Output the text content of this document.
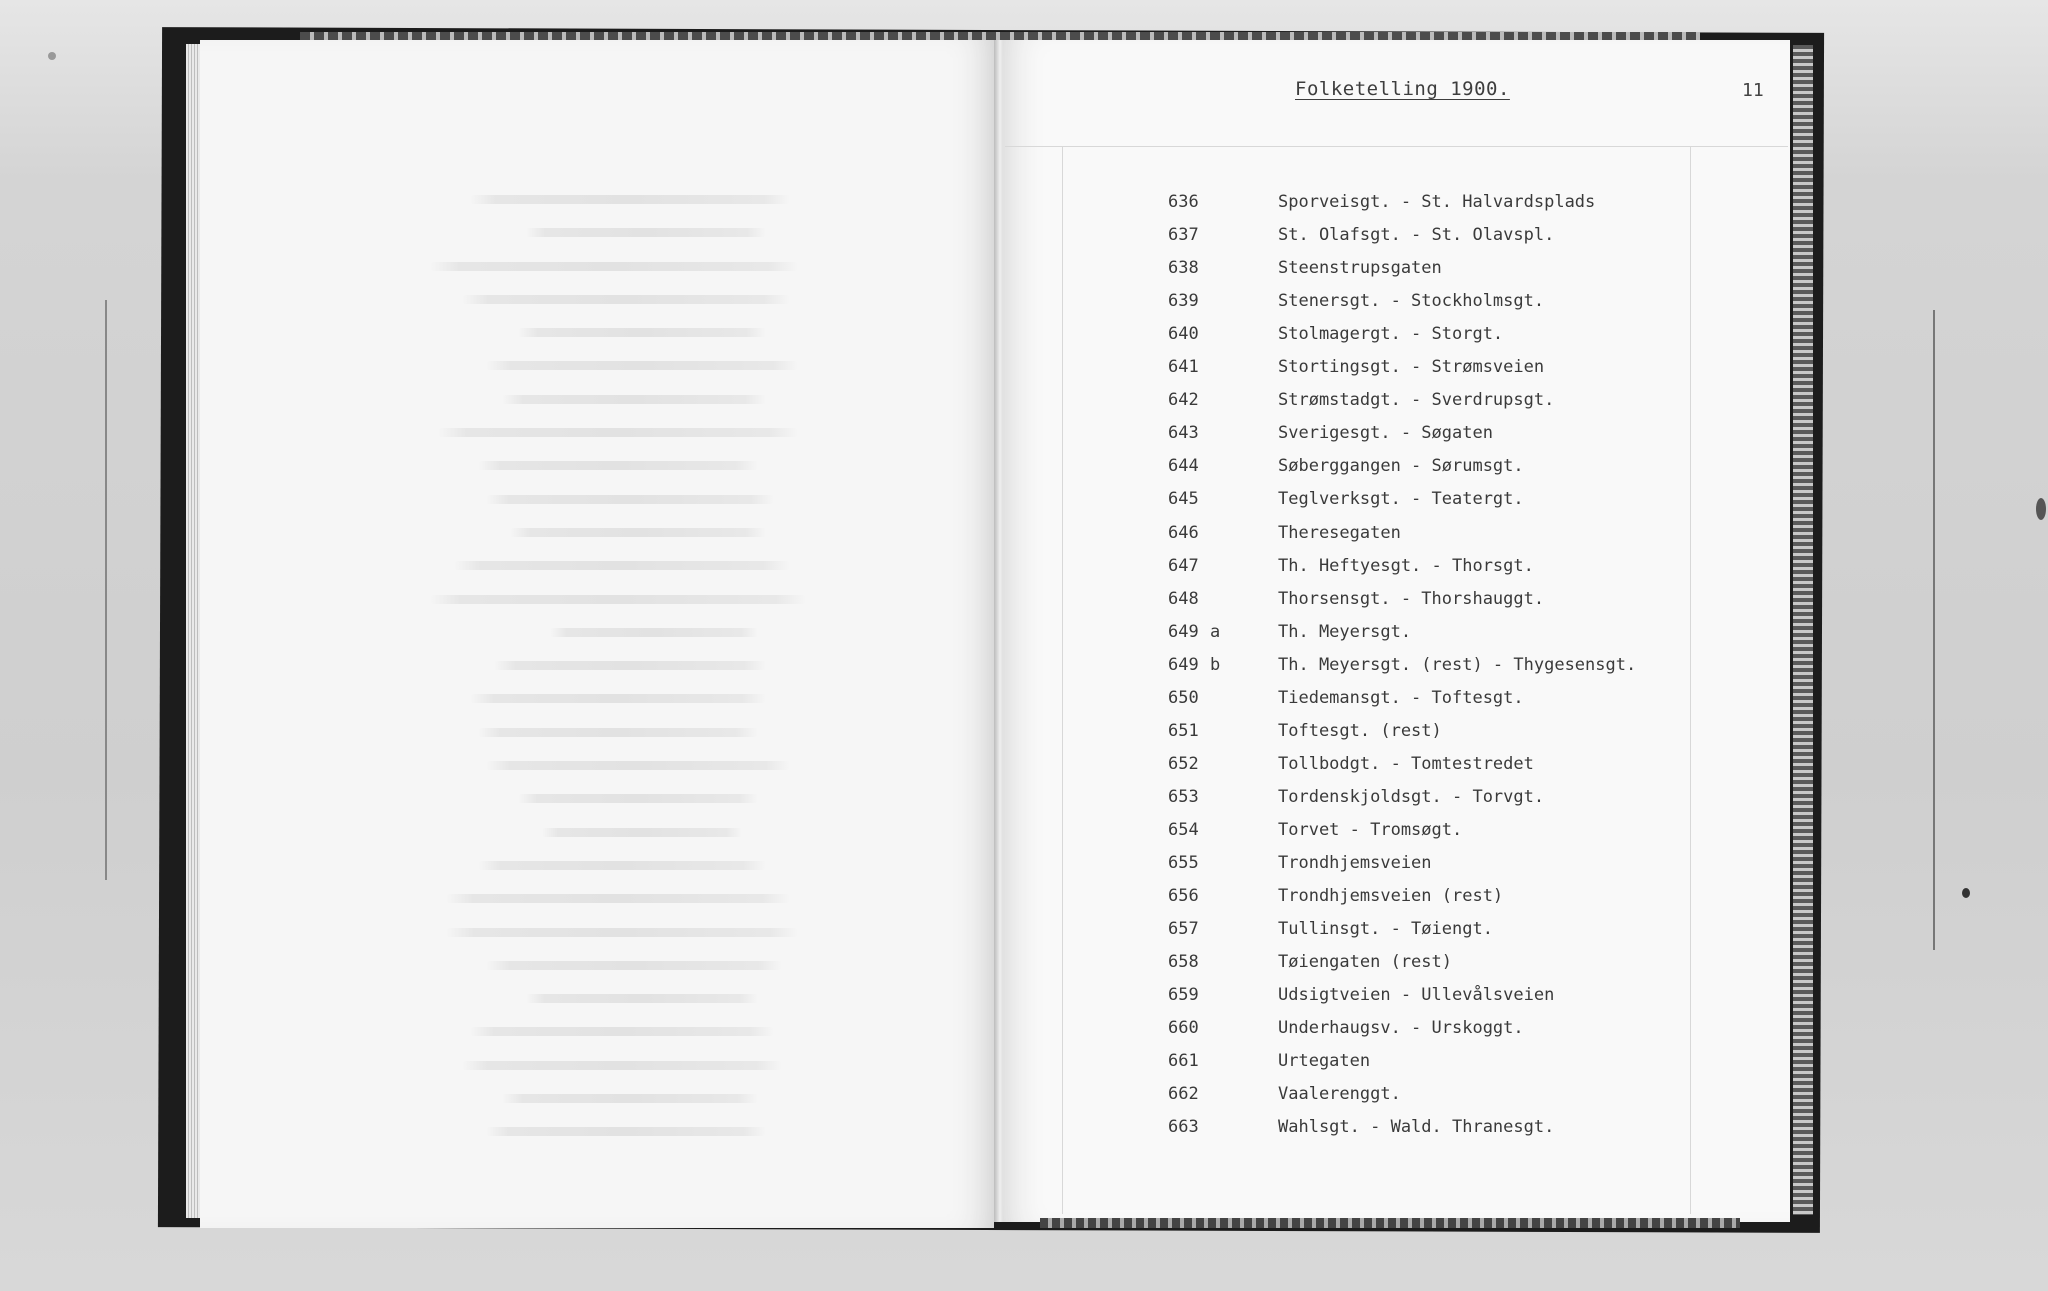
Folketelling 1900.	11
636	Sporveisgt. - St. Halvardsplads
637	St. Olafsgt. - St. Olavspl.
638	Steenstrupsgaten
639	Stenersgt. - Stockholmsgt.
640	Stolmagergt. - Storgt.
641	Stortingsgt. - Strømsveien
642	Strømstadgt. - Sverdrupsgt.
643	Sverigesgt. - Søgaten
644	Søberggangen - Sørumsgt.
645	Teglverksgt. - Teatergt.
646	Theresegaten
647	Th. Heftyesgt. - Thorsgt.
648	Thorsensgt. - Thorshauggt.
649 a	Th. Meyersgt.
649 b	Th. Meyersgt. (rest) - Thygesensgt.
650	Tiedemansgt. - Toftesgt.
651	Toftesgt. (rest)
652	Tollbodgt. - Tomtestredet
653	Tordenskjoldsgt. - Torvgt.
654	Torvet - Tromsøgt.
655	Trondhjemsveien
656	Trondhjemsveien (rest)
657	Tullinsgt. - Tøiengt.
658	Tøiengaten (rest)
659	Udsigtveien - Ullevålsveien
660	Underhaugsv. - Urskoggt.
661	Urtegaten
662	Vaalerenggt.
663	Wahlsgt. - Wald. Thranesgt.
